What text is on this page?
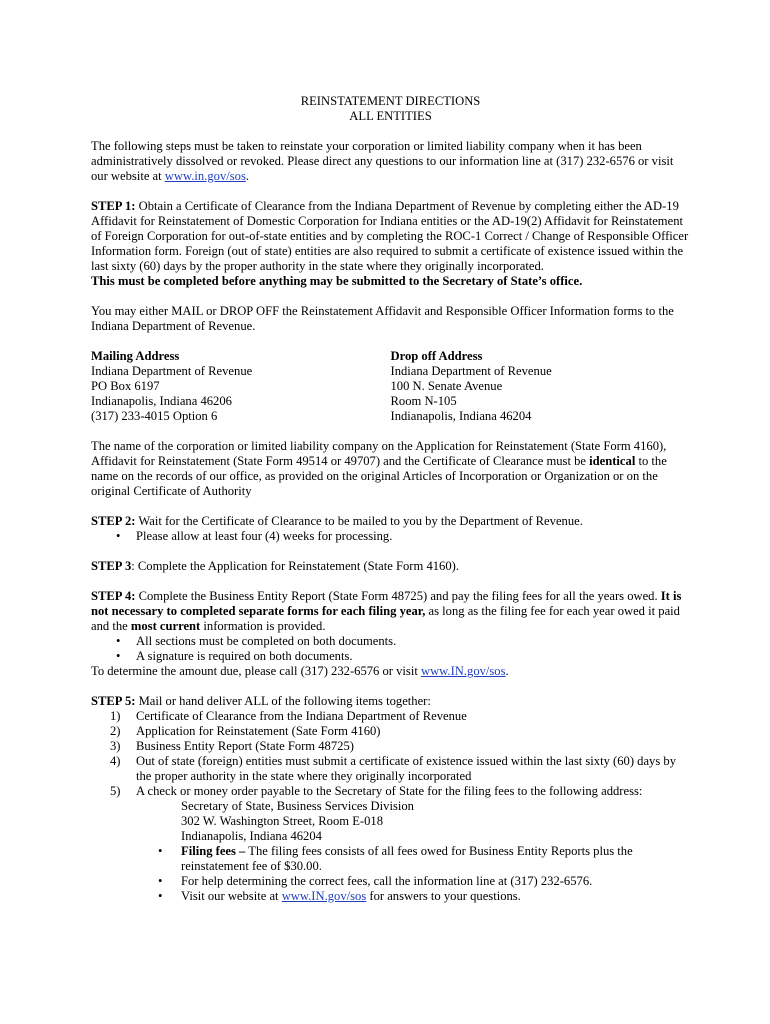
REINSTATEMENT DIRECTIONS
ALL ENTITIES

The following steps must be taken to reinstate your corporation or limited liability company when it has been administratively dissolved or revoked. Please direct any questions to our information line at (317) 232-6576 or visit our website at www.in.gov/sos.

STEP 1: Obtain a Certificate of Clearance from the Indiana Department of Revenue by completing either the AD-19 Affidavit for Reinstatement of Domestic Corporation for Indiana entities or the AD-19(2) Affidavit for Reinstatement of Foreign Corporation for out-of-state entities and by completing the ROC-1 Correct / Change of Responsible Officer Information form. Foreign (out of state) entities are also required to submit a certificate of existence issued within the last sixty (60) days by the proper authority in the state where they originally incorporated.

This must be completed before anything may be submitted to the Secretary of State’s office.

You may either MAIL or DROP OFF the Reinstatement Affidavit and Responsible Officer Information forms to the Indiana Department of Revenue.

Mailing Address
Indiana Department of Revenue
PO Box 6197
Indianapolis, Indiana 46206
(317) 233-4015 Option 6
Drop off Address
Indiana Department of Revenue
100 N. Senate Avenue
Room N-105
Indianapolis, Indiana 46204

The name of the corporation or limited liability company on the Application for Reinstatement (State Form 4160), Affidavit for Reinstatement (State Form 49514 or 49707) and the Certificate of Clearance must be identical to the name on the records of our office, as provided on the original Articles of Incorporation or Organization or on the original Certificate of Authority

STEP 2: Wait for the Certificate of Clearance to be mailed to you by the Department of Revenue.

• Please allow at least four (4) weeks for processing.

STEP 3: Complete the Application for Reinstatement (State Form 4160).

STEP 4: Complete the Business Entity Report (State Form 48725) and pay the filing fees for all the years owed. It is not necessary to completed separate forms for each filing year, as long as the filing fee for each year owed it paid and the most current information is provided.

• All sections must be completed on both documents.
• A signature is required on both documents.

To determine the amount due, please call (317) 232-6576 or visit www.IN.gov/sos.

STEP 5: Mail or hand deliver ALL of the following items together:

1) Certificate of Clearance from the Indiana Department of Revenue
2) Application for Reinstatement (Sate Form 4160)
3) Business Entity Report (State Form 48725)
4) Out of state (foreign) entities must submit a certificate of existence issued within the last sixty (60) days by the proper authority in the state where they originally incorporated
5) A check or money order payable to the Secretary of State for the filing fees to the following address:
Secretary of State, Business Services Division
302 W. Washington Street, Room E-018
Indianapolis, Indiana 46204
• Filing fees – The filing fees consists of all fees owed for Business Entity Reports plus the reinstatement fee of $30.00.
• For help determining the correct fees, call the information line at (317) 232-6576.
• Visit our website at www.IN.gov/sos for answers to your questions.
